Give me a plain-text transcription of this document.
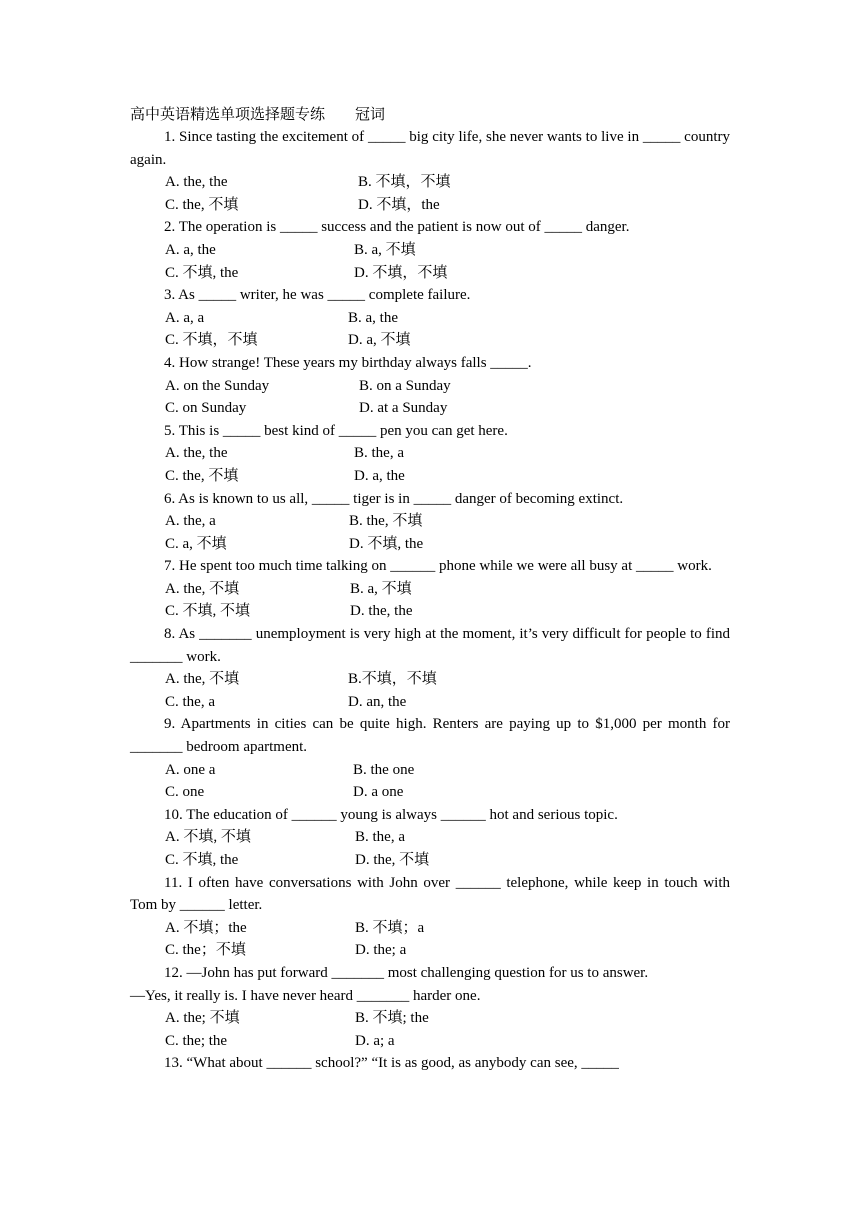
高中英语精选单项选择题专练 冠词

1. Since tasting the excitement of _____ big city life, she never wants to live in _____ country again.

A. the, the	B. 不填，不填
C. the, 不填	D. 不填，the

2. The operation is _____ success and the patient is now out of _____ danger.

A. a, the	B. a, 不填
C. 不填, the	D. 不填，不填

3. As _____ writer, he was _____ complete failure.

A. a, a	B. a, the
C. 不填，不填	D. a, 不填

4. How strange! These years my birthday always falls _____.

A. on the Sunday	B. on a Sunday
C. on Sunday	D. at a Sunday

5. This is _____ best kind of _____ pen you can get here.

A. the, the	B. the, a
C. the, 不填	D. a, the

6. As is known to us all, _____ tiger is in _____ danger of becoming extinct.

A. the, a	B. the, 不填
C. a, 不填	D. 不填, the

7. He spent too much time talking on ______ phone while we were all busy at _____ work.

A. the, 不填	B. a, 不填
C. 不填, 不填	D. the, the

8. As _______ unemployment is very high at the moment, it’s very difficult for people to find _______ work.

A. the, 不填	B.不填，不填
C. the, a	D. an, the

9. Apartments in cities can be quite high. Renters are paying up to $1,000 per month for _______ bedroom apartment.

A. one a	B. the one
C. one	D. a one

10. The education of ______ young is always ______ hot and serious topic.

A. 不填, 不填	B. the, a
C. 不填, the	D. the, 不填

11. I often have conversations with John over ______ telephone, while keep in touch with Tom by ______ letter.

A. 不填；the	B. 不填；a
C. the；不填	D. the; a

12. —John has put forward _______ most challenging question for us to answer.

—Yes, it really is. I have never heard _______ harder one.

A. the; 不填	B. 不填; the
C. the; the	D. a; a

13. “What about ______ school?” “It is as good, as anybody can see, _____
